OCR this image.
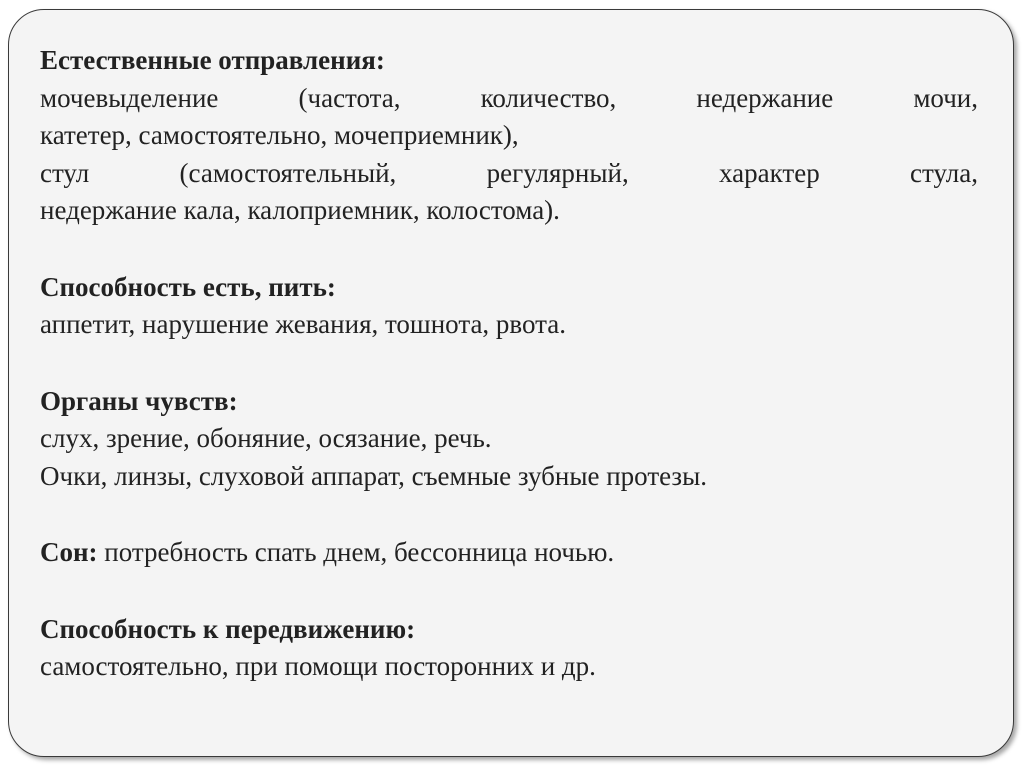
Естественные отправления:
мочевыделение (частота, количество, недержание мочи,
катетер, самостоятельно, мочеприемник),
стул (самостоятельный, регулярный, характер стула,
недержание кала, калоприемник, колостома).
Способность есть, пить:
аппетит, нарушение жевания, тошнота, рвота.
Органы чувств:
слух, зрение, обоняние, осязание, речь.
Очки, линзы, слуховой аппарат, съемные зубные протезы.
Сон: потребность спать днем, бессонница ночью.
Способность к передвижению:
самостоятельно, при помощи посторонних и др.
